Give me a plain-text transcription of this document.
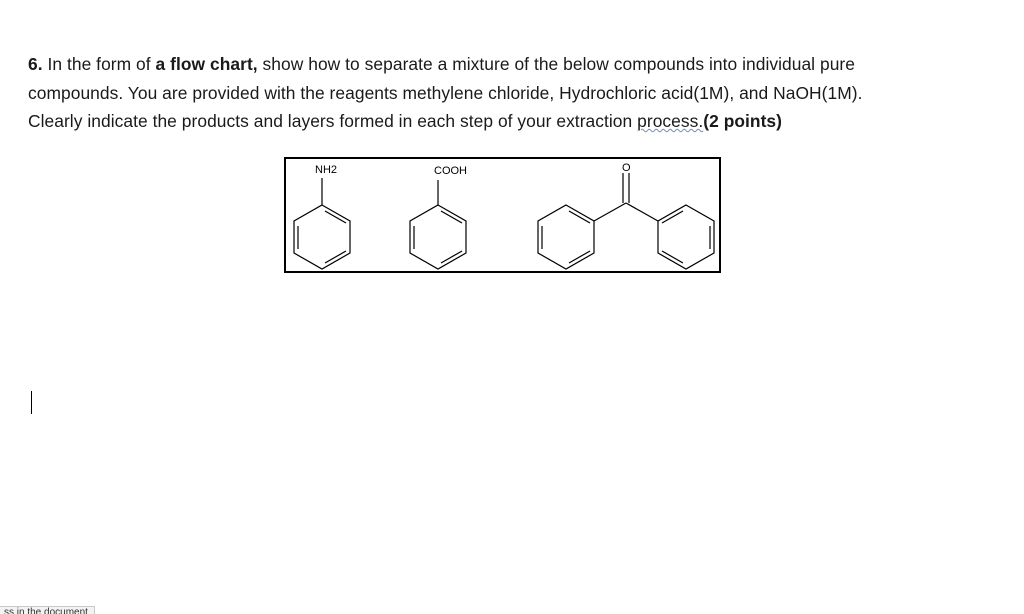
6. In the form of a flow chart, show how to separate a mixture of the below compounds into individual pure

compounds. You are provided with the reagents methylene chloride, Hydrochloric acid(1M), and NaOH(1M).

Clearly indicate the products and layers formed in each step of your extraction process.(2 points)

NH2	COOH	O
ss in the document
